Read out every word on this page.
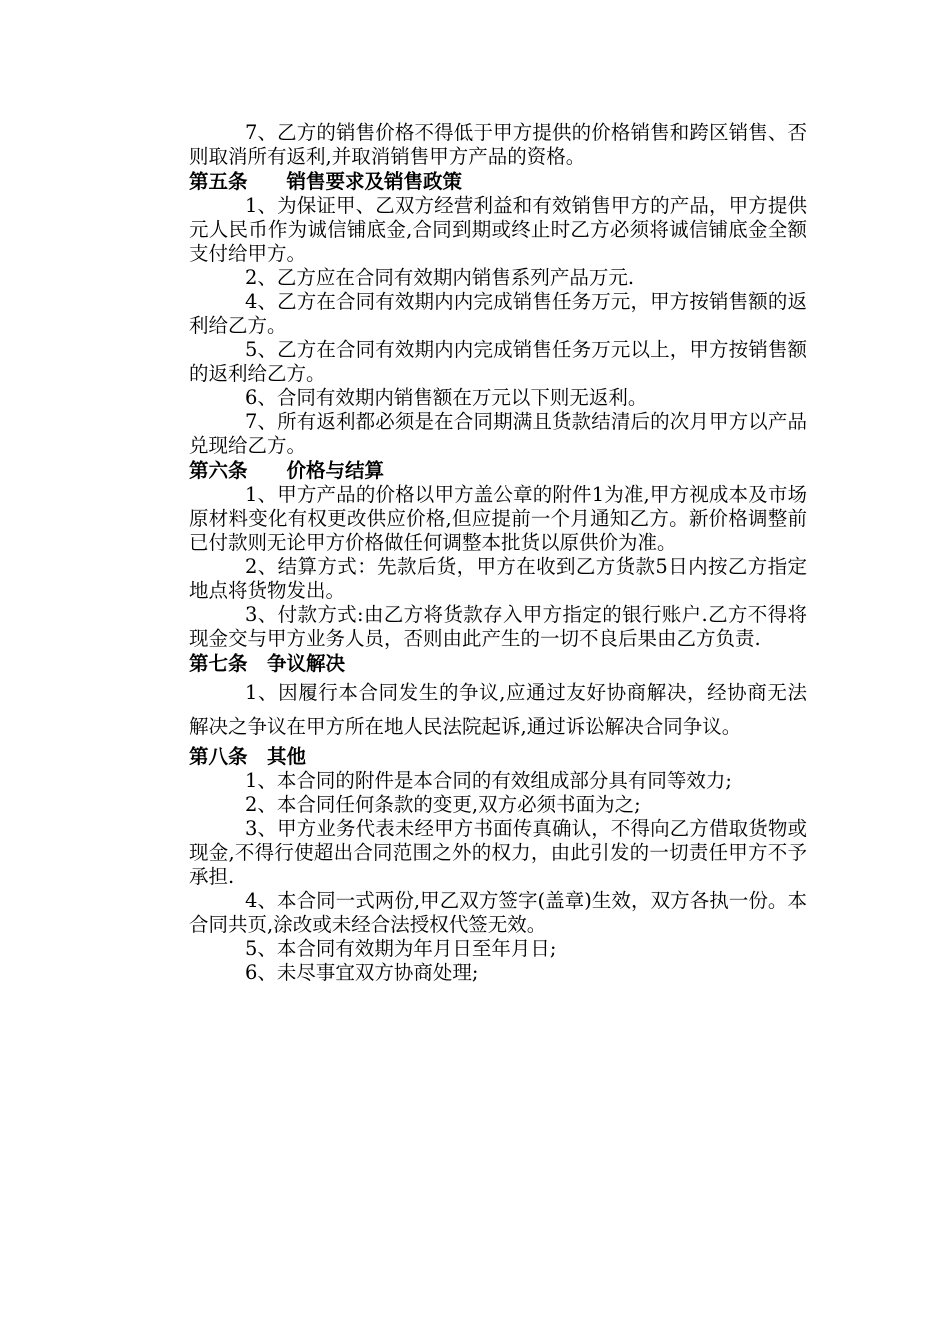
7、乙方的销售价格不得低于甲方提供的价格销售和跨区销售、否则取消所有返利,并取消销售甲方产品的资格。

第五条　　销售要求及销售政策

1、为保证甲、乙双方经营利益和有效销售甲方的产品，甲方提供元人民币作为诚信铺底金,合同到期或终止时乙方必须将诚信铺底金全额支付给甲方。

2、乙方应在合同有效期内销售系列产品万元.

4、乙方在合同有效期内内完成销售任务万元，甲方按销售额的返利给乙方。

5、乙方在合同有效期内内完成销售任务万元以上，甲方按销售额的返利给乙方。

6、合同有效期内销售额在万元以下则无返利。

7、所有返利都必须是在合同期满且货款结清后的次月甲方以产品兑现给乙方。

第六条　　价格与结算

1、甲方产品的价格以甲方盖公章的附件1为准,甲方视成本及市场原材料变化有权更改供应价格,但应提前一个月通知乙方。新价格调整前已付款则无论甲方价格做任何调整本批货以原供价为准。

2、结算方式：先款后货，甲方在收到乙方货款5日内按乙方指定地点将货物发出。

3、付款方式:由乙方将货款存入甲方指定的银行账户.乙方不得将现金交与甲方业务人员，否则由此产生的一切不良后果由乙方负责.

第七条　争议解决

1、因履行本合同发生的争议,应通过友好协商解决，经协商无法解决之争议在甲方所在地人民法院起诉,通过诉讼解决合同争议。

第八条　其他

1、本合同的附件是本合同的有效组成部分具有同等效力;

2、本合同任何条款的变更,双方必须书面为之;

3、甲方业务代表未经甲方书面传真确认，不得向乙方借取货物或现金,不得行使超出合同范围之外的权力，由此引发的一切责任甲方不予承担.

4、本合同一式两份,甲乙双方签字(盖章)生效，双方各执一份。本合同共页,涂改或未经合法授权代签无效。

5、本合同有效期为年月日至年月日;

6、未尽事宜双方协商处理;
